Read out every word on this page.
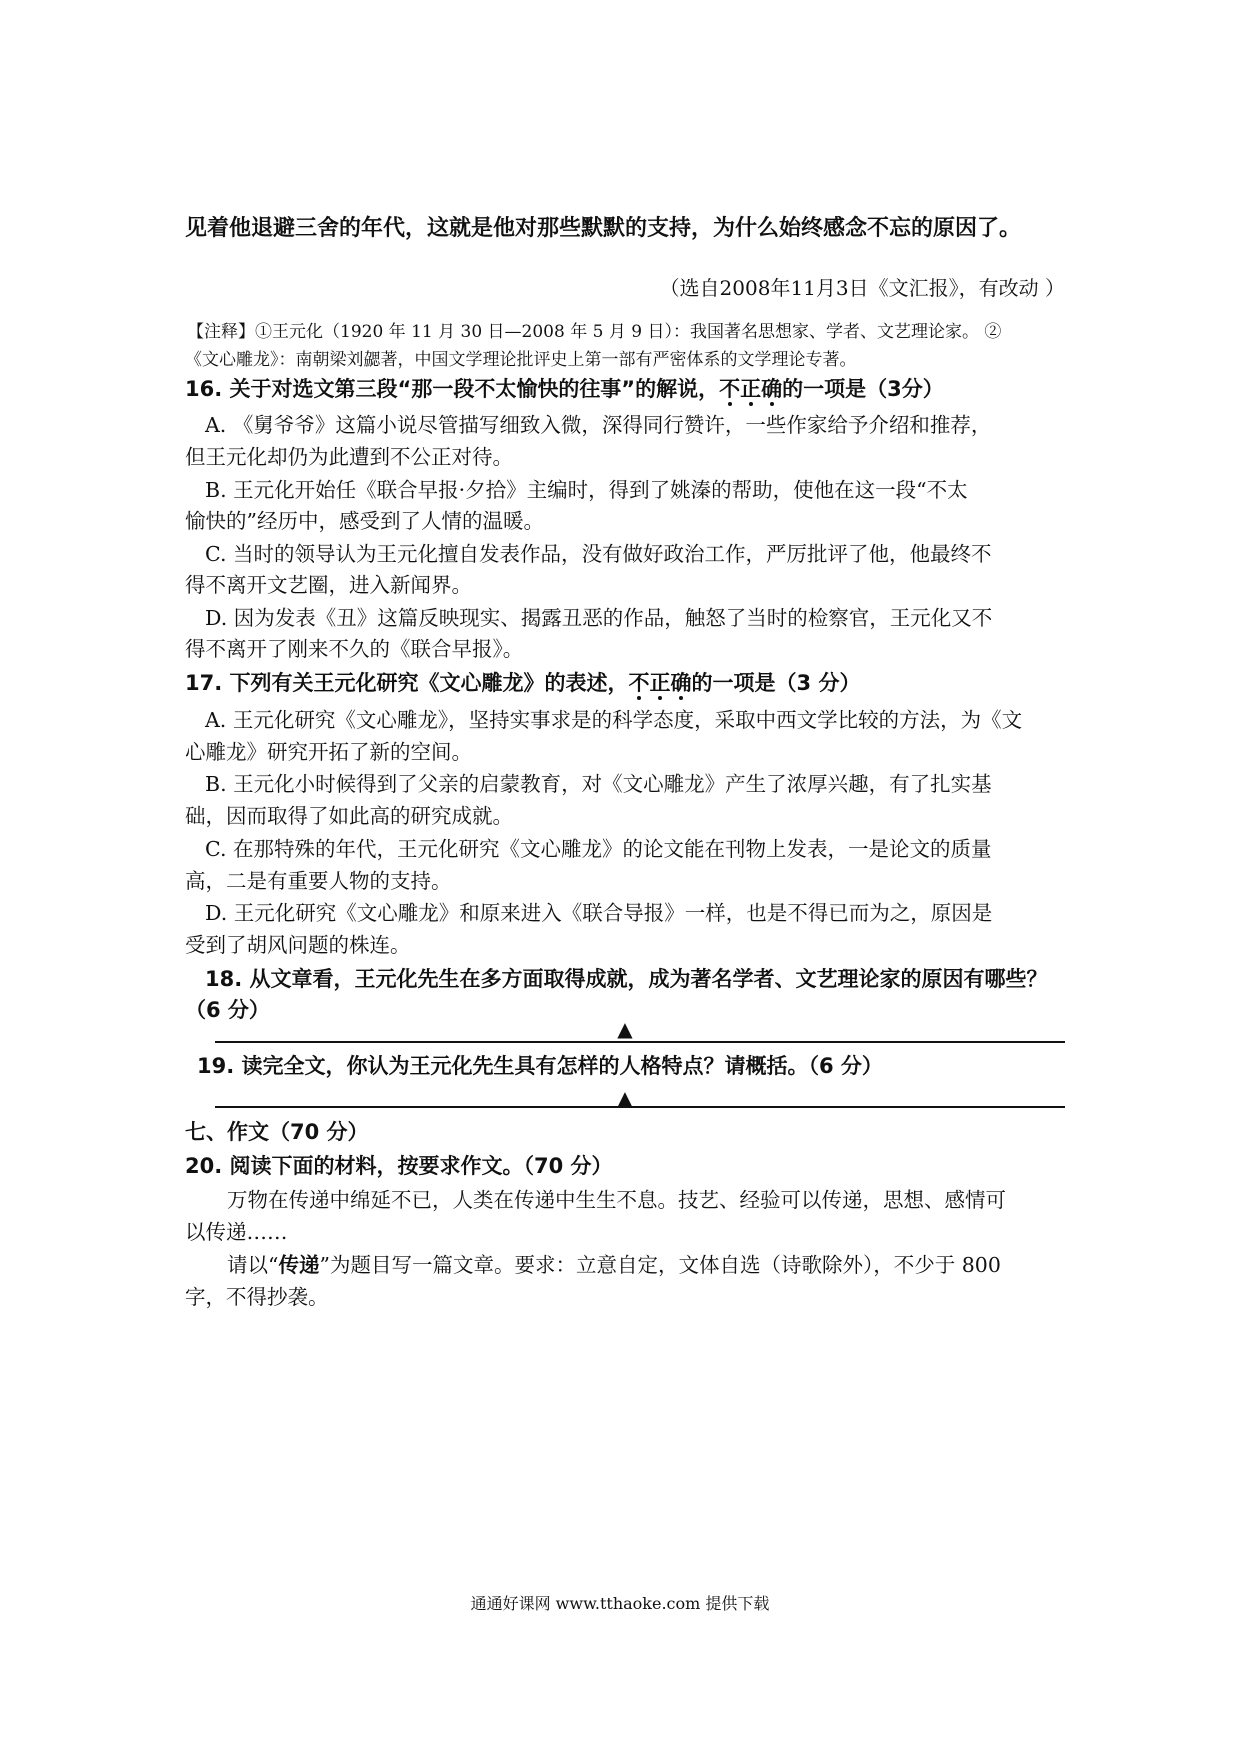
见着他退避三舍的年代，这就是他对那些默默的支持，为什么始终感念不忘的原因了。
（选自2008年11月3日《文汇报》，有改动 ）
【注释】①王元化（1920 年 11 月 30 日—2008 年 5 月 9 日）：我国著名思想家、学者、文艺理论家。 ②
《文心雕龙》：南朝梁刘勰著，中国文学理论批评史上第一部有严密体系的文学理论专著。
16. 关于对选文第三段“那一段不太愉快的往事”的解说，不正确的一项是（3分）
A. 《舅爷爷》这篇小说尽管描写细致入微，深得同行赞许，一些作家给予介绍和推荐，
但王元化却仍为此遭到不公正对待。
B. 王元化开始任《联合早报·夕拾》主编时，得到了姚溱的帮助，使他在这一段“不太
愉快的”经历中，感受到了人情的温暖。
C. 当时的领导认为王元化擅自发表作品，没有做好政治工作，严厉批评了他，他最终不
得不离开文艺圈，进入新闻界。
D. 因为发表《丑》这篇反映现实、揭露丑恶的作品，触怒了当时的检察官，王元化又不
得不离开了刚来不久的《联合早报》。
17. 下列有关王元化研究《文心雕龙》的表述，不正确的一项是（3 分）
A. 王元化研究《文心雕龙》，坚持实事求是的科学态度，采取中西文学比较的方法，为《文
心雕龙》研究开拓了新的空间。
B. 王元化小时候得到了父亲的启蒙教育，对《文心雕龙》产生了浓厚兴趣，有了扎实基
础，因而取得了如此高的研究成就。
C. 在那特殊的年代，王元化研究《文心雕龙》的论文能在刊物上发表，一是论文的质量
高，二是有重要人物的支持。
D. 王元化研究《文心雕龙》和原来进入《联合导报》一样，也是不得已而为之，原因是
受到了胡风问题的株连。
18. 从文章看，王元化先生在多方面取得成就，成为著名学者、文艺理论家的原因有哪些？
（6 分）
▲
19. 读完全文，你认为王元化先生具有怎样的人格特点？请概括。（6 分）
▲
七、作文（70 分）
20. 阅读下面的材料，按要求作文。（70 分）
万物在传递中绵延不已，人类在传递中生生不息。技艺、经验可以传递，思想、感情可
以传递……
请以“传递”为题目写一篇文章。要求：立意自定，文体自选（诗歌除外），不少于 800
字，不得抄袭。
通通好课网 www.tthaoke.com 提供下载
